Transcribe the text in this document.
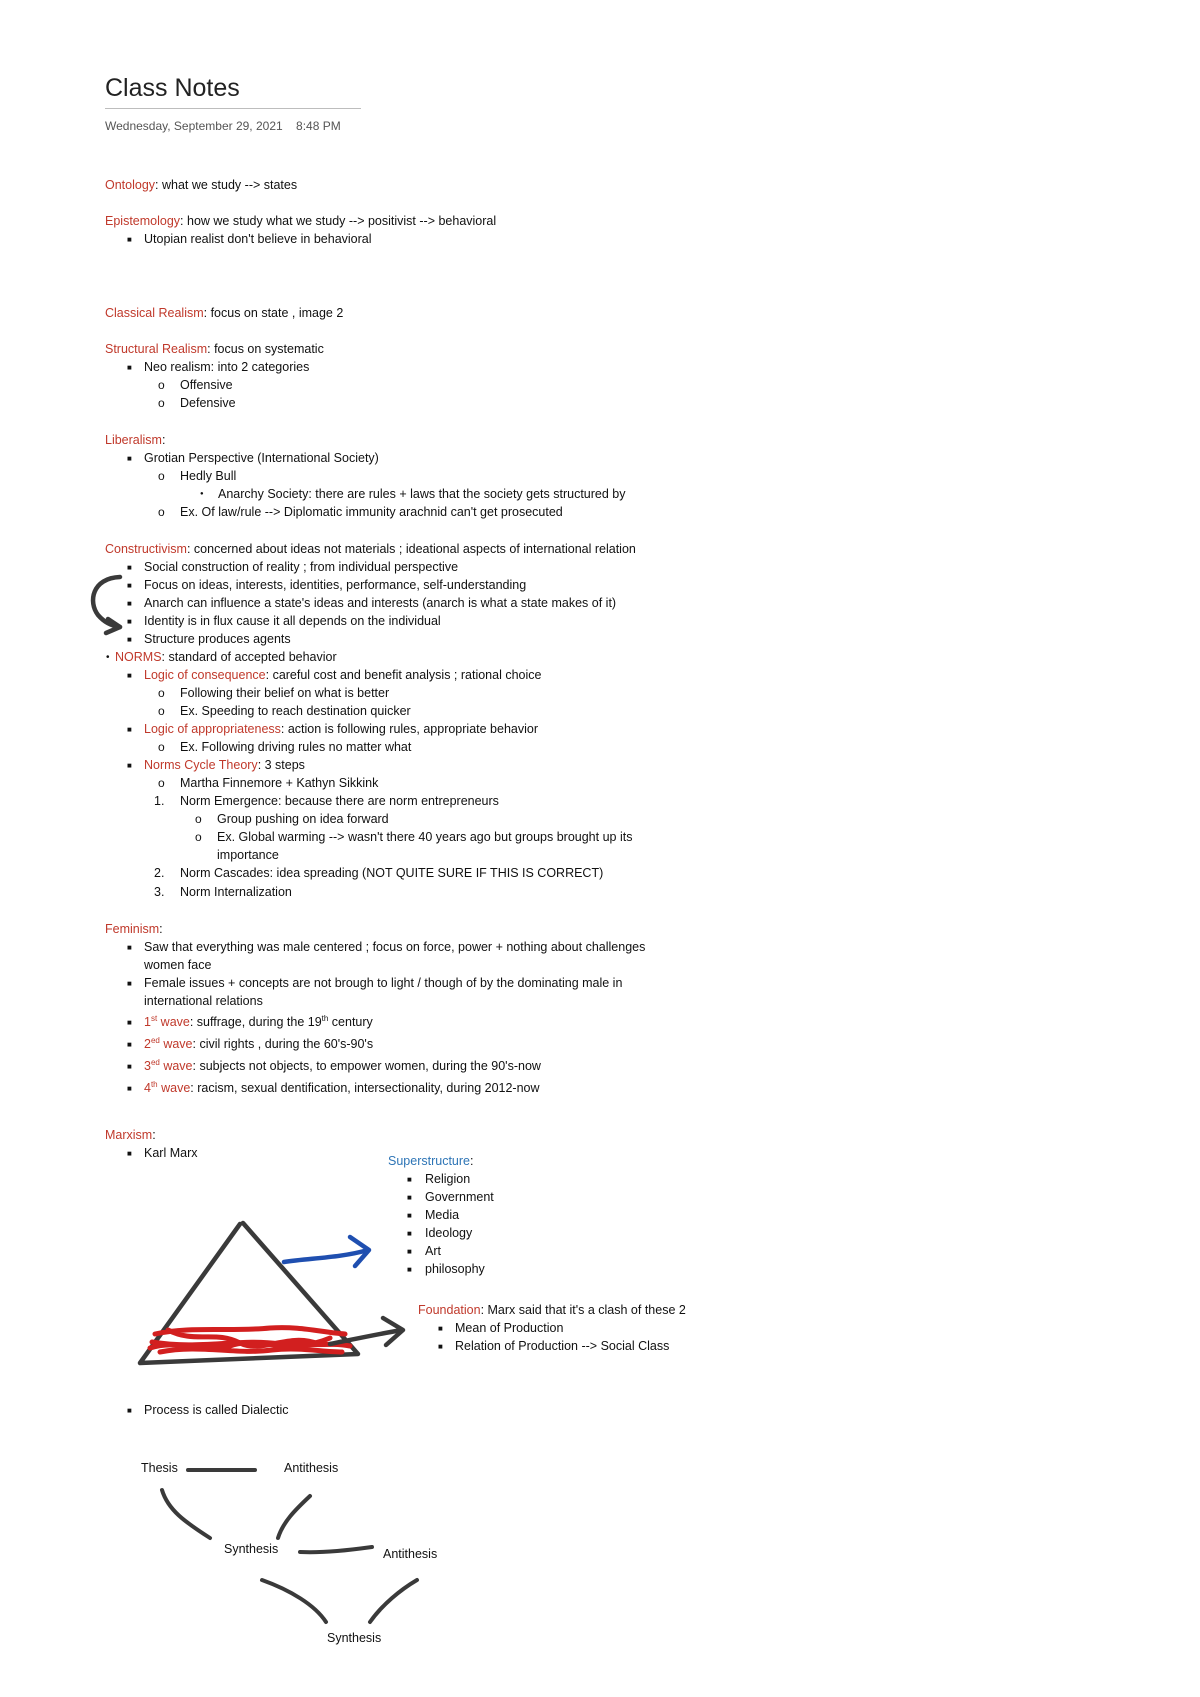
Class Notes
Wednesday, September 29, 2021 8:48 PM
Ontology: what we study --> states
Epistemology: how we study what we study --> positivist --> behavioral
■ Utopian realist don't believe in behavioral
Classical Realism: focus on state , image 2
Structural Realism: focus on systematic
■ Neo realism: into 2 categories
o Offensive
o Defensive
Liberalism:
■ Grotian Perspective (International Society)
o Hedly Bull
● Anarchy Society: there are rules + laws that the society gets structured by
o Ex. Of law/rule --> Diplomatic immunity arachnid can't get prosecuted
Constructivism: concerned about ideas not materials ; ideational aspects of international relation
■ Social construction of reality ; from individual perspective
■ Focus on ideas, interests, identities, performance, self-understanding
■ Anarch can influence a state's ideas and interests (anarch is what a state makes of it)
■ Identity is in flux cause it all depends on the individual
■ Structure produces agents
• NORMS: standard of accepted behavior
■ Logic of consequence: careful cost and benefit analysis ; rational choice
o Following their belief on what is better
o Ex. Speeding to reach destination quicker
■ Logic of appropriateness: action is following rules, appropriate behavior
o Ex. Following driving rules no matter what
■ Norms Cycle Theory: 3 steps
o Martha Finnemore + Kathyn Sikkink
1. Norm Emergence: because there are norm entrepreneurs
o Group pushing on idea forward
o Ex. Global warming --> wasn't there 40 years ago but groups brought up its
importance
2. Norm Cascades: idea spreading (NOT QUITE SURE IF THIS IS CORRECT)
3. Norm Internalization
Feminism:
■ Saw that everything was male centered ; focus on force, power + nothing about challenges
women face
■ Female issues + concepts are not brough to light / though of by the dominating male in
international relations
■ 1st wave: suffrage, during the 19th century
■ $2^{ed}$ wave: civil rights , during the 60's-90's
■ $3^{ed}$ wave: subjects not objects, to empower women, during the 90's-now
■ 4th wave: racism, sexual dentification, intersectionality, during 2012-now
Marxism:
■ Karl Marx
Superstructure:
■ Religion
■ Government
■ Media
■ Ideology
■ Art
■ philosophy
Foundation: Marx said that it's a clash of these 2
■ Mean of Production
■ Relation of Production --> Social Class
■ Process is called Dialectic
Thesis	Antithesis
Synthesis	Antithesis
Synthesis
